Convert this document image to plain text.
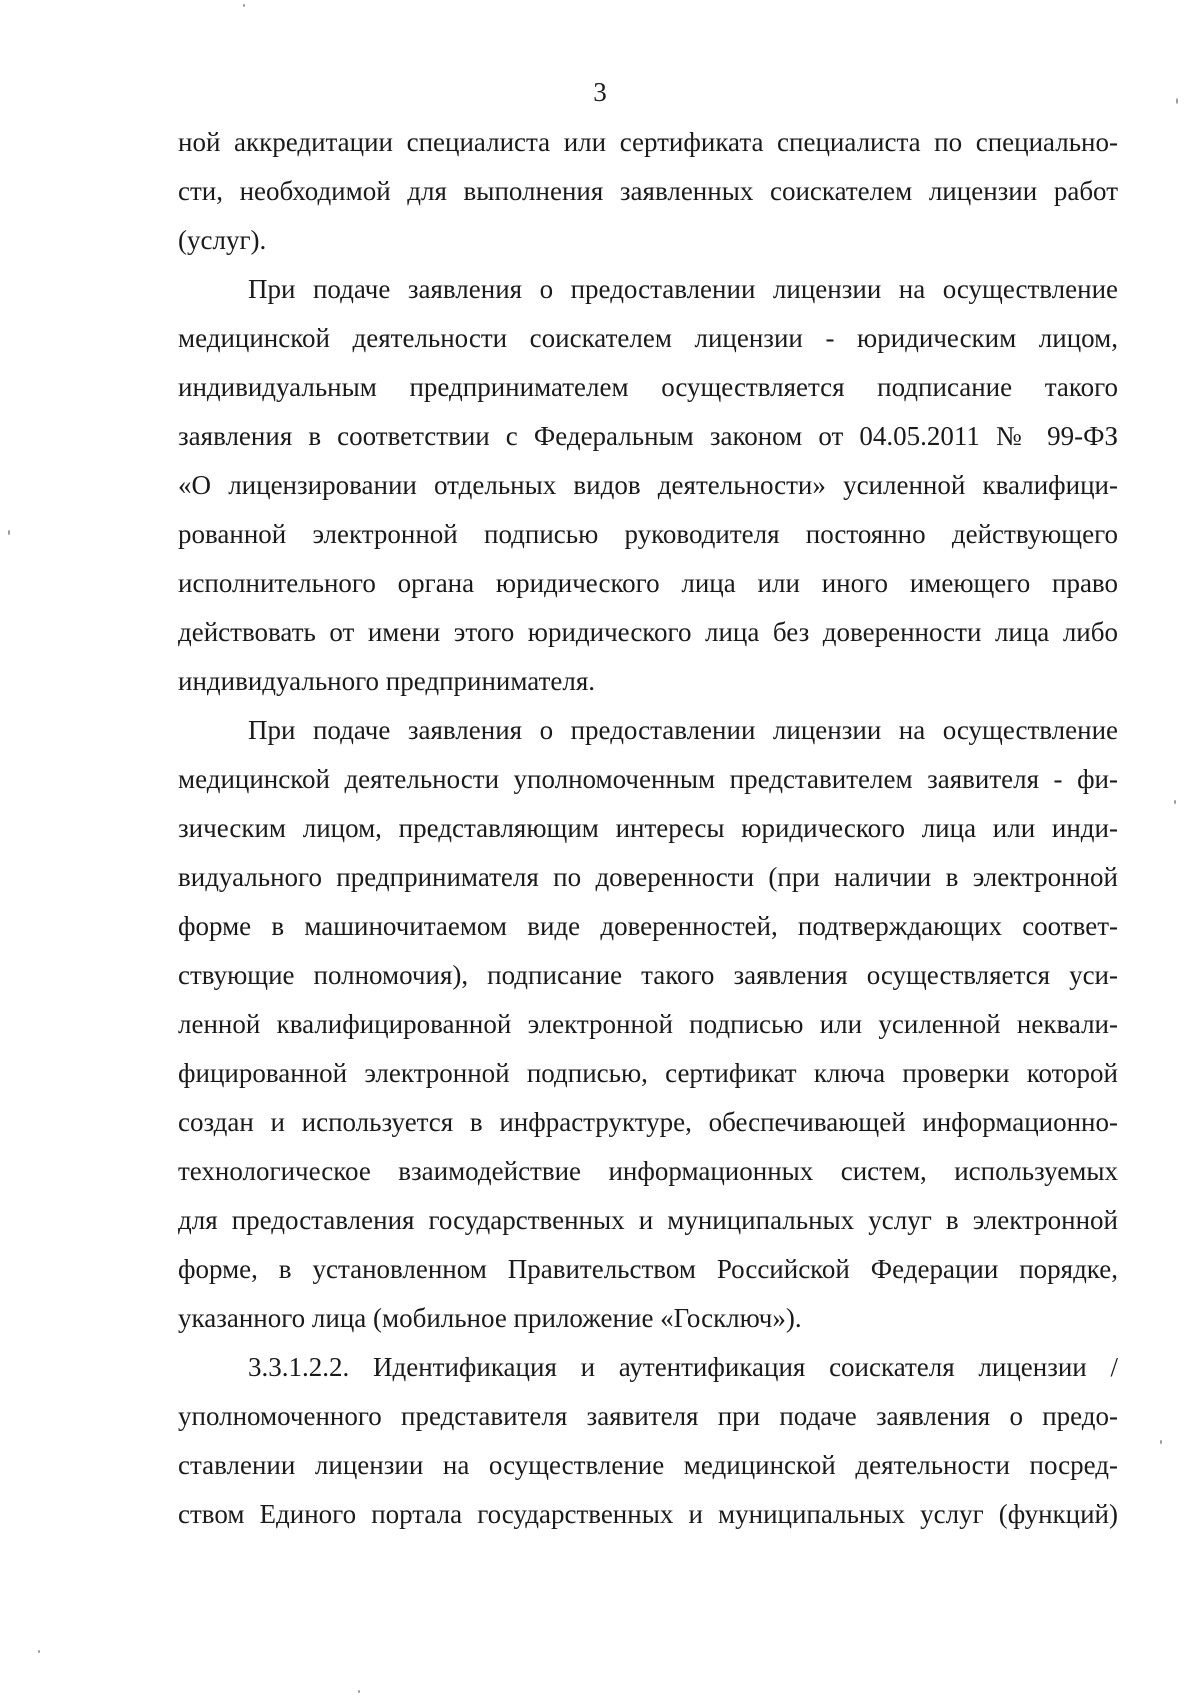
3
ной аккредитации специалиста или сертификата специалиста по специально-
сти, необходимой для выполнения заявленных соискателем лицензии работ
(услуг).
При подаче заявления о предоставлении лицензии на осуществление
медицинской деятельности соискателем лицензии - юридическим лицом,
индивидуальным предпринимателем осуществляется подписание такого
заявления в соответствии с Федеральным законом от 04.05.2011 № 99-ФЗ
«О лицензировании отдельных видов деятельности» усиленной квалифици-
рованной электронной подписью руководителя постоянно действующего
исполнительного органа юридического лица или иного имеющего право
действовать от имени этого юридического лица без доверенности лица либо
индивидуального предпринимателя.
При подаче заявления о предоставлении лицензии на осуществление
медицинской деятельности уполномоченным представителем заявителя - фи-
зическим лицом, представляющим интересы юридического лица или инди-
видуального предпринимателя по доверенности (при наличии в электронной
форме в машиночитаемом виде доверенностей, подтверждающих соответ-
ствующие полномочия), подписание такого заявления осуществляется уси-
ленной квалифицированной электронной подписью или усиленной неквали-
фицированной электронной подписью, сертификат ключа проверки которой
создан и используется в инфраструктуре, обеспечивающей информационно-
технологическое взаимодействие информационных систем, используемых
для предоставления государственных и муниципальных услуг в электронной
форме, в установленном Правительством Российской Федерации порядке,
указанного лица (мобильное приложение «Госключ»).
3.3.1.2.2. Идентификация и аутентификация соискателя лицензии /
уполномоченного представителя заявителя при подаче заявления о предо-
ставлении лицензии на осуществление медицинской деятельности посред-
ством Единого портала государственных и муниципальных услуг (функций)
